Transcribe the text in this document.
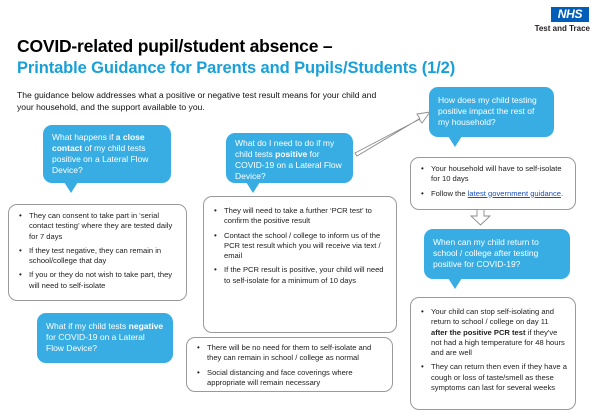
NHS
Test and Trace
COVID-related pupil/student absence –
Printable Guidance for Parents and Pupils/Students (1/2)
The guidance below addresses what a positive or negative test result means for your child and your household, and the support available to you.
What happens if a close contact of my child tests positive on a Lateral Flow Device?
• They can consent to take part in ‘serial contact testing’ where they are tested daily for 7 days
• If they test negative, they can remain in school/college that day
• If you or they do not wish to take part, they will need to self-isolate
What do I need to do if my child tests positive for COVID-19 on a Lateral Flow Device?
• They will need to take a further ‘PCR test’ to confirm the positive result
• Contact the school / college to inform us of the PCR test result which you will receive via text / email
• If the PCR result is positive, your child will need to self-isolate for a minimum of 10 days
How does my child testing positive impact the rest of my household?
• Your household will have to self-isolate for 10 days
• Follow the latest government guidance.
When can my child return to school / college after testing positive for COVID-19?
• Your child can stop self-isolating and return to school / college on day 11 after the positive PCR test if they've not had a high temperature for 48 hours and are well
• They can return then even if they have a cough or loss of taste/smell as these symptoms can last for several weeks
What if my child tests negative for COVID-19 on a Lateral Flow Device?
•	There will be no need for them to self-isolate and they can remain in school / college as normal
• Social distancing and face coverings where appropriate will remain necessary
